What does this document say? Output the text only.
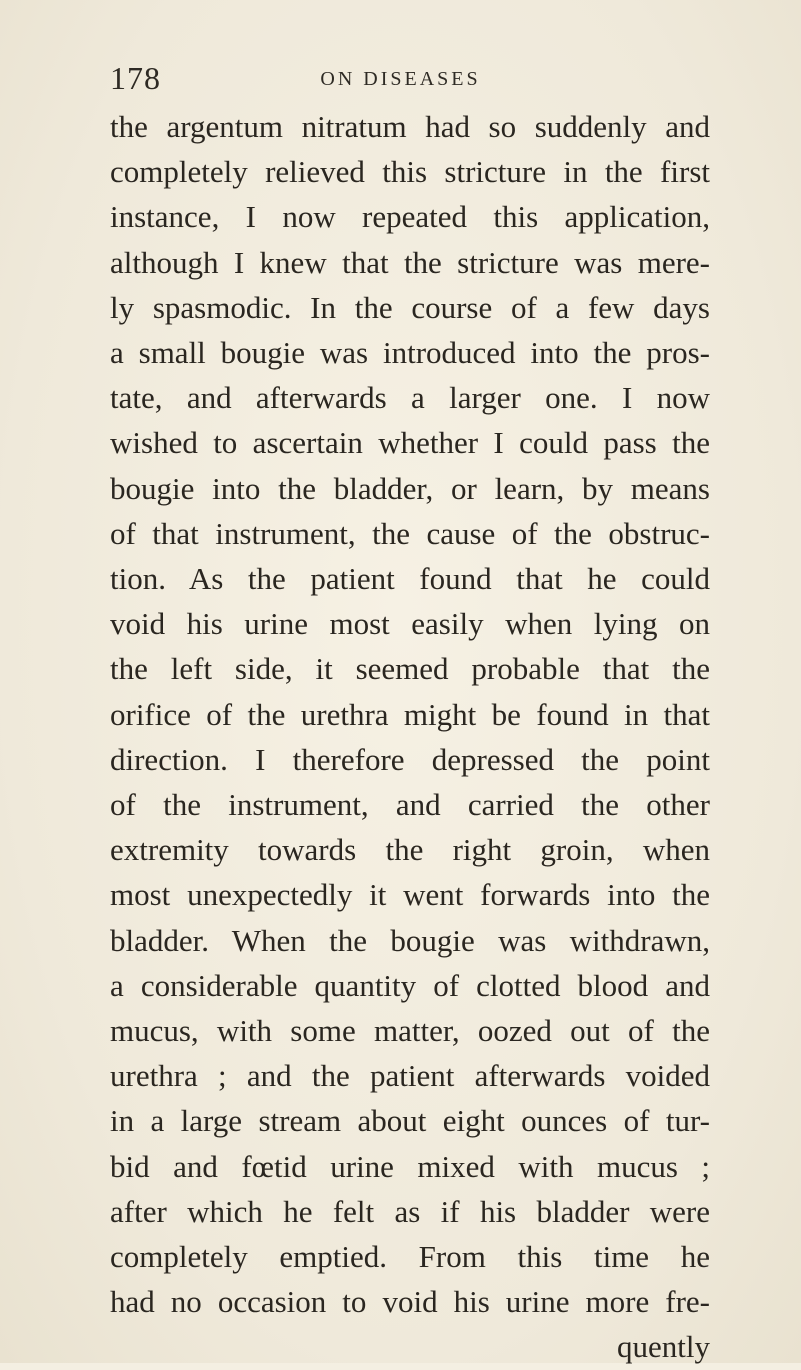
178	ON DISEASES
the argentum nitratum had so suddenly and
completely relieved this stricture in the first
instance, I now repeated this application,
although I knew that the stricture was mere-
ly spasmodic. In the course of a few days
a small bougie was introduced into the pros-
tate, and afterwards a larger one. I now
wished to ascertain whether I could pass the
bougie into the bladder, or learn, by means
of that instrument, the cause of the obstruc-
tion. As the patient found that he could
void his urine most easily when lying on
the left side, it seemed probable that the
orifice of the urethra might be found in that
direction. I therefore depressed the point
of the instrument, and carried the other
extremity towards the right groin, when
most unexpectedly it went forwards into the
bladder. When the bougie was withdrawn,
a considerable quantity of clotted blood and
mucus, with some matter, oozed out of the
urethra ; and the patient afterwards voided
in a large stream about eight ounces of tur-
bid and fœtid urine mixed with mucus ;
after which he felt as if his bladder were
completely emptied. From this time he
had no occasion to void his urine more fre-
quently
